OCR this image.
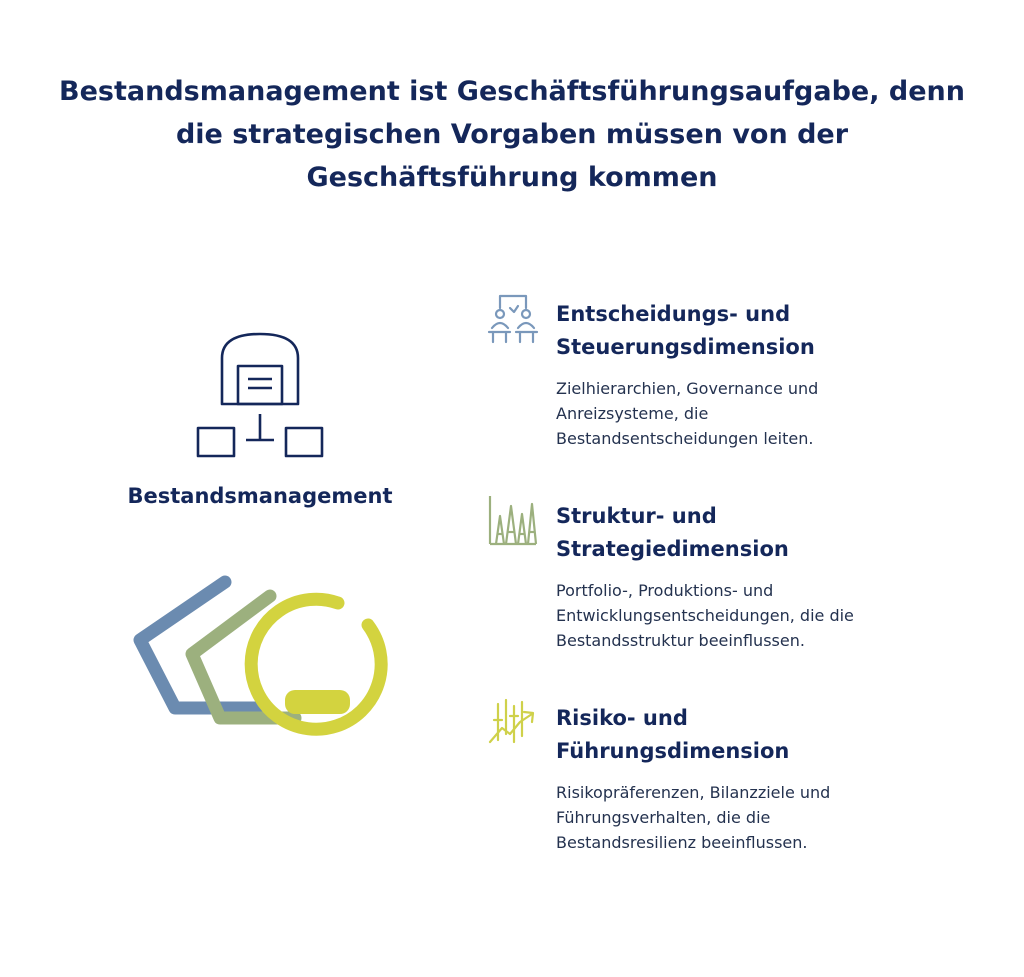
Bestandsmanagement ist Geschäftsführungsaufgabe, denn die strategischen Vorgaben müssen von der Geschäftsführung kommen
Bestandsmanagement
Entscheidungs- und
Steuerungsdimension
Zielhierarchien, Governance und
Anreizsysteme, die
Bestandsentscheidungen leiten.
Struktur- und
Strategiedimension
Portfolio-, Produktions- und
Entwicklungsentscheidungen, die die
Bestandsstruktur beeinflussen.
Risiko- und
Führungsdimension
Risikopräferenzen, Bilanzziele und
Führungsverhalten, die die
Bestandsresilienz beeinflussen.
